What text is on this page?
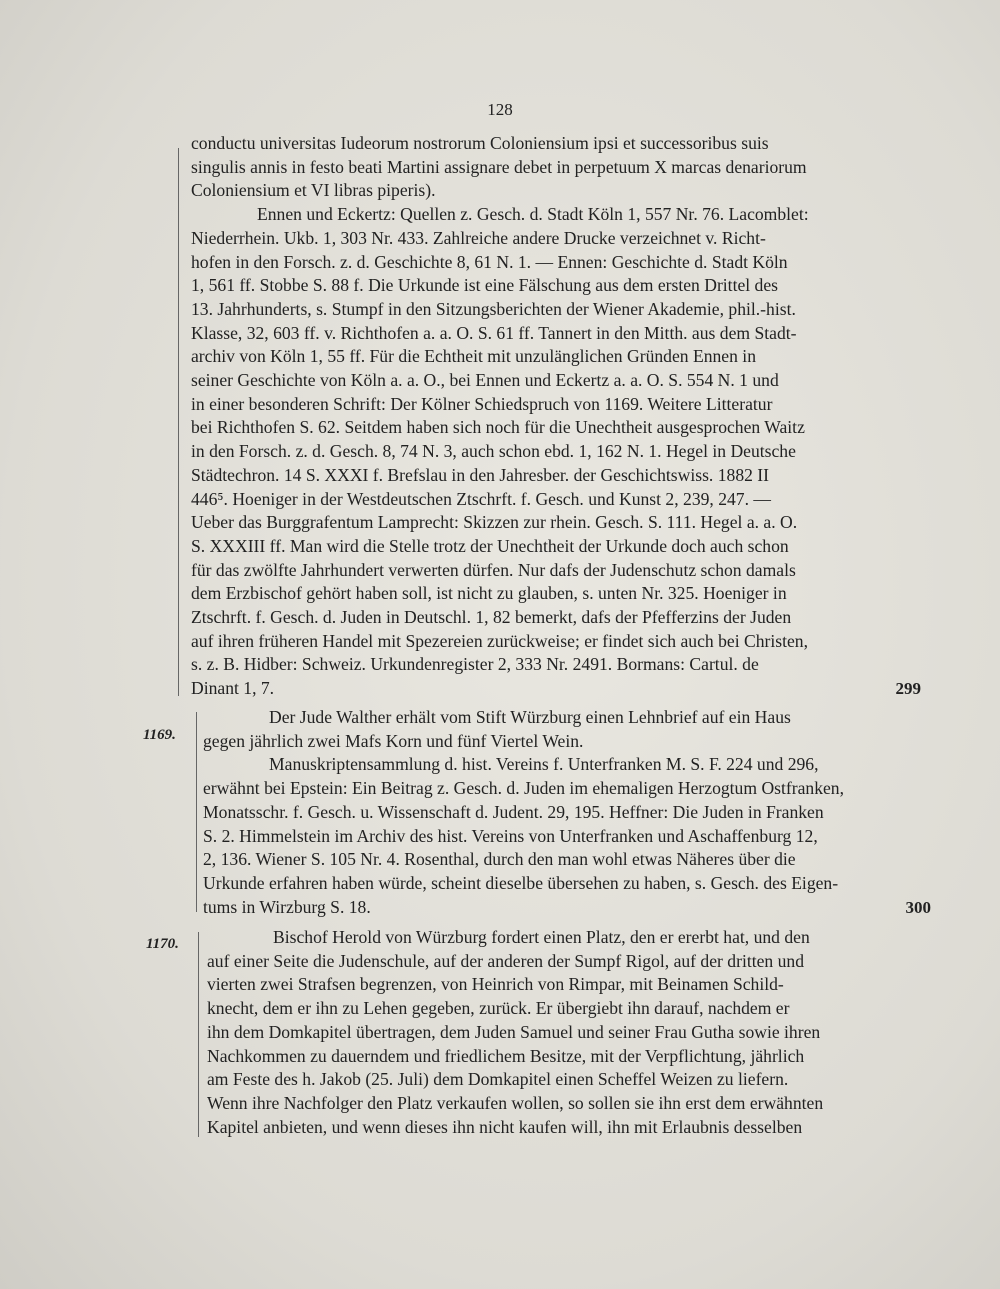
128

conductu universitas Iudeorum nostrorum Coloniensium ipsi et successoribus suis

singulis annis in festo beati Martini assignare debet in perpetuum X marcas denariorum

Coloniensium et VI libras piperis).

Ennen und Eckertz: Quellen z. Gesch. d. Stadt Köln 1, 557 Nr. 76. Lacomblet:

Niederrhein. Ukb. 1, 303 Nr. 433. Zahlreiche andere Drucke verzeichnet v. Richt-

hofen in den Forsch. z. d. Geschichte 8, 61 N. 1. — Ennen: Geschichte d. Stadt Köln

1, 561 ff. Stobbe S. 88 f. Die Urkunde ist eine Fälschung aus dem ersten Drittel des

13. Jahrhunderts, s. Stumpf in den Sitzungsberichten der Wiener Akademie, phil.-hist.

Klasse, 32, 603 ff. v. Richthofen a. a. O. S. 61 ff. Tannert in den Mitth. aus dem Stadt-

archiv von Köln 1, 55 ff. Für die Echtheit mit unzulänglichen Gründen Ennen in

seiner Geschichte von Köln a. a. O., bei Ennen und Eckertz a. a. O. S. 554 N. 1 und

in einer besonderen Schrift: Der Kölner Schiedspruch von 1169. Weitere Litteratur

bei Richthofen S. 62. Seitdem haben sich noch für die Unechtheit ausgesprochen Waitz

in den Forsch. z. d. Gesch. 8, 74 N. 3, auch schon ebd. 1, 162 N. 1. Hegel in Deutsche

Städtechron. 14 S. XXXI f. Brefslau in den Jahresber. der Geschichtswiss. 1882 II

446⁵. Hoeniger in der Westdeutschen Ztschrft. f. Gesch. und Kunst 2, 239, 247. —

Ueber das Burggrafentum Lamprecht: Skizzen zur rhein. Gesch. S. 111. Hegel a. a. O.

S. XXXIII ff. Man wird die Stelle trotz der Unechtheit der Urkunde doch auch schon

für das zwölfte Jahrhundert verwerten dürfen. Nur dafs der Judenschutz schon damals

dem Erzbischof gehört haben soll, ist nicht zu glauben, s. unten Nr. 325. Hoeniger in

Ztschrft. f. Gesch. d. Juden in Deutschl. 1, 82 bemerkt, dafs der Pfefferzins der Juden

auf ihren früheren Handel mit Spezereien zurückweise; er findet sich auch bei Christen,

s. z. B. Hidber: Schweiz. Urkundenregister 2, 333 Nr. 2491. Bormans: Cartul. de

Dinant 1, 7.	299

1169.

Der Jude Walther erhält vom Stift Würzburg einen Lehnbrief auf ein Haus

gegen jährlich zwei Mafs Korn und fünf Viertel Wein.

Manuskriptensammlung d. hist. Vereins f. Unterfranken M. S. F. 224 und 296,

erwähnt bei Epstein: Ein Beitrag z. Gesch. d. Juden im ehemaligen Herzogtum Ostfranken,

Monatsschr. f. Gesch. u. Wissenschaft d. Judent. 29, 195. Heffner: Die Juden in Franken

S. 2. Himmelstein im Archiv des hist. Vereins von Unterfranken und Aschaffenburg 12,

2, 136. Wiener S. 105 Nr. 4. Rosenthal, durch den man wohl etwas Näheres über die

Urkunde erfahren haben würde, scheint dieselbe übersehen zu haben, s. Gesch. des Eigen-

tums in Wirzburg S. 18.	300

1170.	Bischof Herold von Würzburg fordert einen Platz, den er ererbt hat, und den

auf einer Seite die Judenschule, auf der anderen der Sumpf Rigol, auf der dritten und

vierten zwei Strafsen begrenzen, von Heinrich von Rimpar, mit Beinamen Schild-

knecht, dem er ihn zu Lehen gegeben, zurück. Er übergiebt ihn darauf, nachdem er

ihn dem Domkapitel übertragen, dem Juden Samuel und seiner Frau Gutha sowie ihren

Nachkommen zu dauerndem und friedlichem Besitze, mit der Verpflichtung, jährlich

am Feste des h. Jakob (25. Juli) dem Domkapitel einen Scheffel Weizen zu liefern.

Wenn ihre Nachfolger den Platz verkaufen wollen, so sollen sie ihn erst dem erwähnten

Kapitel anbieten, und wenn dieses ihn nicht kaufen will, ihn mit Erlaubnis desselben
